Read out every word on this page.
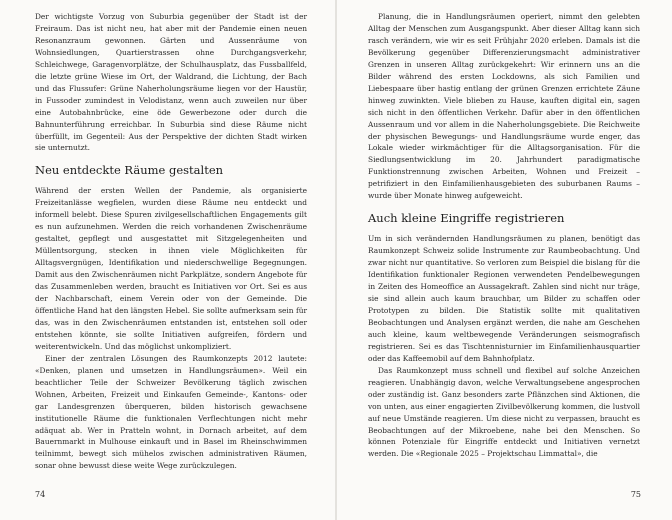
Der wichtigste Vorzug von Suburbia gegenüber der Stadt ist der Freiraum. Das ist nicht neu, hat aber mit der Pandemie einen neuen Resonanzraum gewonnen. Gärten und Aussenräume von Wohnsiedlungen, Quartierstrassen ohne Durchgangsverkehr, Schleichwege, Garagenvorplätze, der Schulhausplatz, das Fussballfeld, die letzte grüne Wiese im Ort, der Waldrand, die Lichtung, der Bach und das Flussufer: Grüne Naherholungsräume liegen vor der Haustür, in Fussoder zumindest in Velodistanz, wenn auch zuweilen nur über eine Autobahnbrücke, eine öde Gewerbezone oder durch die Bahnunterführung erreichbar. In Suburbia sind diese Räume nicht überfüllt, im Gegenteil: Aus der Perspektive der dichten Stadt wirken sie unternutzt.

Neu entdeckte Räume gestalten

Während der ersten Wellen der Pandemie, als organisierte Freizeitanlässe wegfielen, wurden diese Räume neu entdeckt und informell belebt. Diese Spuren zivilgesellschaftlichen Engagements gilt es nun aufzunehmen. Werden die reich vorhandenen Zwischenräume gestaltet, gepflegt und ausgestattet mit Sitzgelegenheiten und Müllentsorgung, stecken in ihnen viele Möglichkeiten für Alltagsvergnügen, Identifikation und niederschwellige Begegnungen. Damit aus den Zwischenräumen nicht Parkplätze, sondern Angebote für das Zusammenleben werden, braucht es Initiativen vor Ort. Sei es aus der Nachbarschaft, einem Verein oder von der Gemeinde. Die öffentliche Hand hat den längsten Hebel. Sie sollte aufmerksam sein für das, was in den Zwischenräumen entstanden ist, entstehen soll oder entstehen könnte, sie sollte Initiativen aufgreifen, fördern und weiterentwickeln. Und das möglichst unkompliziert.

Einer der zentralen Lösungen des Raumkonzepts 2012 lautete: «Denken, planen und umsetzen in Handlungsräumen». Weil ein beachtlicher Teile der Schweizer Bevölkerung täglich zwischen Wohnen, Arbeiten, Freizeit und Einkaufen Gemeinde-, Kantons- oder gar Landesgrenzen überqueren, bilden historisch gewachsene institutionelle Räume die funktionalen Verflechtungen nicht mehr adäquat ab. Wer in Pratteln wohnt, in Dornach arbeitet, auf dem Bauernmarkt in Mulhouse einkauft und in Basel im Rheinschwimmen teilnimmt, bewegt sich mühelos zwischen administrativen Räumen, sonar ohne bewusst diese weite Wege zurückzulegen.

74

Planung, die in Handlungsräumen operiert, nimmt den gelebten Alltag der Menschen zum Ausgangspunkt. Aber dieser Alltag kann sich rasch verändern, wie wir es seit Frühjahr 2020 erleben. Damals ist die Bevölkerung gegenüber Differenzierungsmacht administrativer Grenzen in unseren Alltag zurückgekehrt: Wir erinnern uns an die Bilder während des ersten Lockdowns, als sich Familien und Liebespaare über hastig entlang der grünen Grenzen errichtete Zäune hinweg zuwinkten. Viele blieben zu Hause, kauften digital ein, sagen sich nicht in den öffentlichen Verkehr. Dafür aber in den öffentlichen Aussenraum und vor allem in die Naherholungsgebiete. Die Reichweite der physischen Bewegungs- und Handlungsräume wurde enger, das Lokale wieder wirkmächtiger für die Alltagsorganisation. Für die Siedlungsentwicklung im 20. Jahrhundert paradigmatische Funktionstrennung zwischen Arbeiten, Wohnen und Freizeit – petrifiziert in den Einfamilienhausgebieten des suburbanen Raums – wurde über Monate hinweg aufgeweicht.

Auch kleine Eingriffe registrieren

Um in sich verändernden Handlungsräumen zu planen, benötigt das Raumkonzept Schweiz solide Instrumente zur Raumbeobachtung. Und zwar nicht nur quantitative. So verloren zum Beispiel die bislang für die Identifikation funktionaler Regionen verwendeten Pendelbewegungen in Zeiten des Homeoffice an Aussagekraft. Zahlen sind nicht nur träge, sie sind allein auch kaum brauchbar, um Bilder zu schaffen oder Prototypen zu bilden. Die Statistik sollte mit qualitativen Beobachtungen und Analysen ergänzt werden, die nahe am Geschehen auch kleine, kaum weltbewegende Veränderungen seismografisch registrieren. Sei es das Tischtennisturnier im Einfamilienhausquartier oder das Kaffeemobil auf dem Bahnhofplatz.

Das Raumkonzept muss schnell und flexibel auf solche Anzeichen reagieren. Unabhängig davon, welche Verwaltungsebene angesprochen oder zuständig ist. Ganz besonders zarte Pflänzchen sind Aktionen, die von unten, aus einer engagierten Zivilbevölkerung kommen, die lustvoll auf neue Umstände reagieren. Um diese nicht zu verpassen, braucht es Beobachtungen auf der Mikroebene, nahe bei den Menschen. So können Potenziale für Eingriffe entdeckt und Initiativen vernetzt werden. Die «Regionale 2025 – Projektschau Limmattal», die

75
